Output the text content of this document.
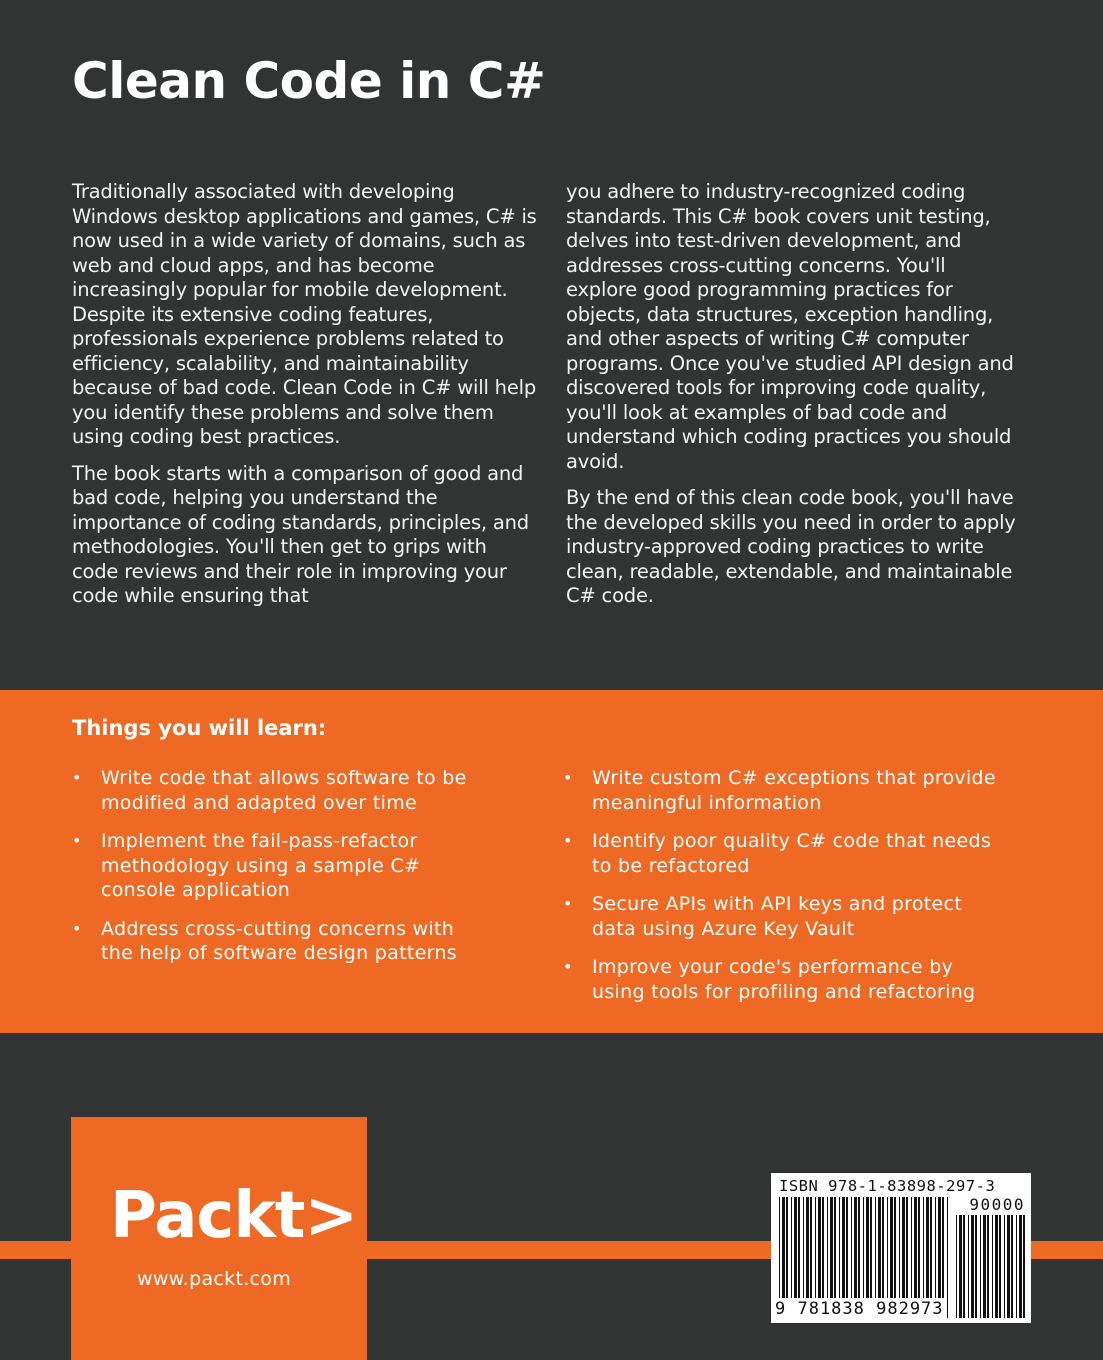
Clean Code in C#

Traditionally associated with developing Windows desktop applications and games, C# is now used in a wide variety of domains, such as web and cloud apps, and has become increasingly popular for mobile development. Despite its extensive coding features, professionals experience problems related to efficiency, scalability, and maintainability because of bad code. Clean Code in C# will help you identify these problems and solve them using coding best practices.

The book starts with a comparison of good and bad code, helping you understand the importance of coding standards, principles, and methodologies. You'll then get to grips with code reviews and their role in improving your code while ensuring that

you adhere to industry-recognized coding standards. This C# book covers unit testing, delves into test-driven development, and addresses cross-cutting concerns. You'll explore good programming practices for objects, data structures, exception handling, and other aspects of writing C# computer programs. Once you've studied API design and discovered tools for improving code quality, you'll look at examples of bad code and understand which coding practices you should avoid.

By the end of this clean code book, you'll have the developed skills you need in order to apply industry-approved coding practices to write clean, readable, extendable, and maintainable C# code.

Things you will learn:
• Write code that allows software to be modified and adapted over time
• Implement the fail-pass-refactor methodology using a sample C# console application
• Address cross-cutting concerns with the help of software design patterns
• Write custom C# exceptions that provide meaningful information
• Identify poor quality C# code that needs to be refactored
• Secure APIs with API keys and protect data using Azure Key Vault
• Improve your code's performance by using tools for profiling and refactoring
Packt>
www.packt.com
ISBN 978-1-83898-297-3
90000
9 781838 982973
